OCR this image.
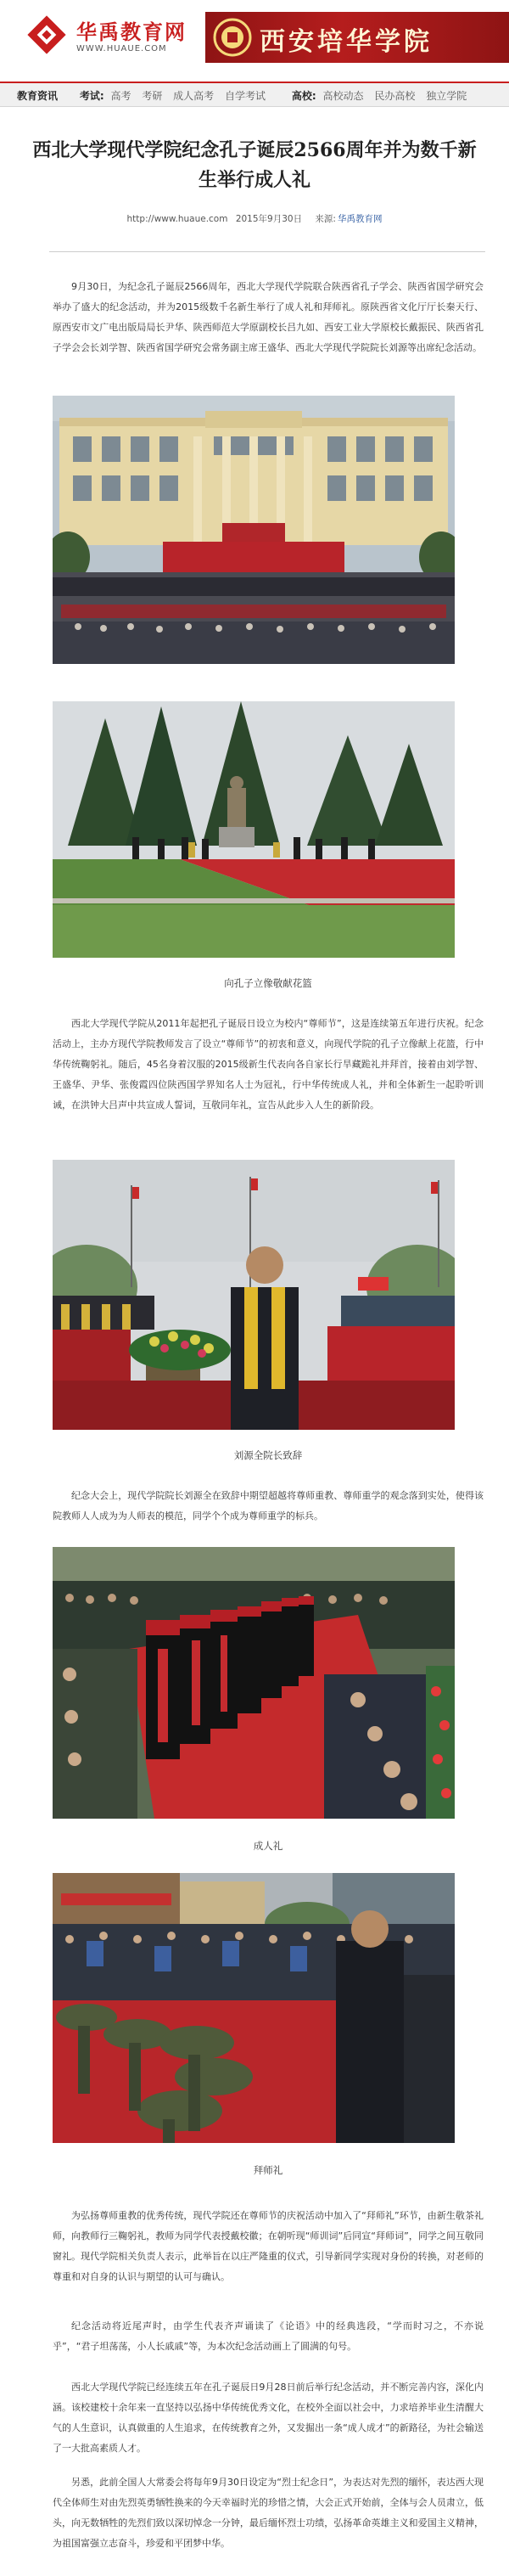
华禹教育网
WWW.HUAUE.COM	西安培华学院
教育资讯 考试: 高考 考研 成人高考 自学考试	高校: 高校动态 民办高校 独立学院
西北大学现代学院纪念孔子诞辰2566周年并为数千新生举行成人礼
http://www.huaue.com 2015年9月30日 来源: 华禹教育网

9月30日，为纪念孔子诞辰2566周年，西北大学现代学院联合陕西省孔子学会、陕西省国学研究会举办了盛大的纪念活动，并为2015级数千名新生举行了成人礼和拜师礼。原陕西省文化厅厅长秦天行、原西安市文广电出版局局长尹华、陕西师范大学原副校长吕九如、西安工业大学原校长戴振民、陕西省孔子学会会长刘学智、陕西省国学研究会常务副主席王盛华、西北大学现代学院院长刘源等出席纪念活动。

向孔子立像敬献花篮

西北大学现代学院从2011年起把孔子诞辰日设立为校内“尊师节”，这是连续第五年进行庆祝。纪念活动上，主办方现代学院教师发言了设立“尊师节”的初衷和意义，向现代学院的孔子立像献上花篮，行中华传统鞠躬礼。随后，45名身着汉服的2015级新生代表向各自家长行旱藏跪礼并拜首，接着由刘学智、王盛华、尹华、张俊霞四位陕西国学界知名人士为冠礼，行中华传统成人礼，并和全体新生一起聆听训诫，在洪钟大吕声中共宣成人誓词，互敬同年礼，宣告从此步入人生的新阶段。

刘源全院长致辞

纪念大会上，现代学院院长刘源全在致辞中期望超越将尊师重教、尊师重学的观念落到实处，使得该院教师人人成为为人师表的模范，同学个个成为尊师重学的标兵。

成人礼
拜师礼

为弘扬尊师重教的优秀传统，现代学院还在尊师节的庆祝活动中加入了“拜师礼”环节，由新生敬茶礼师，向教师行三鞠躬礼，教师为同学代表授戴校徽；在朝听现“师训词”后同宣“拜师词”，同学之间互敬同窗礼。现代学院相关负责人表示，此举旨在以庄严隆重的仪式，引导新同学实现对身份的转换，对老师的尊重和对自身的认识与期望的认可与确认。

纪念活动将近尾声时，由学生代表齐声诵读了《论语》中的经典选段，“学而时习之，不亦说乎”，“君子坦荡荡，小人长戚戚”等，为本次纪念活动画上了圆满的句号。

西北大学现代学院已经连续五年在孔子诞辰日9月28日前后举行纪念活动，并不断完善内容，深化内涵。该校建校十余年来一直坚持以弘扬中华传统优秀文化，在校外全面以社会中，力求培养毕业生清醒大气的人生意识，认真做重的人生追求，在传统教育之外，又发掘出一条“成人成才”的新路径，为社会输送了一大批高素质人才。

另悉，此前全国人大常委会将每年9月30日设定为“烈士纪念日”，为表达对先烈的缅怀，表达西大现代全体师生对由先烈英勇牺牲换来的今天幸福时光的珍惜之情，大会正式开始前，全体与会人员肃立，低头，向无数牺牲的先烈们致以深切悼念一分钟，最后缅怀烈士功绩，弘扬革命英雄主义和爱国主义精神，为祖国富强立志奋斗，珍爱和平团梦中华。
